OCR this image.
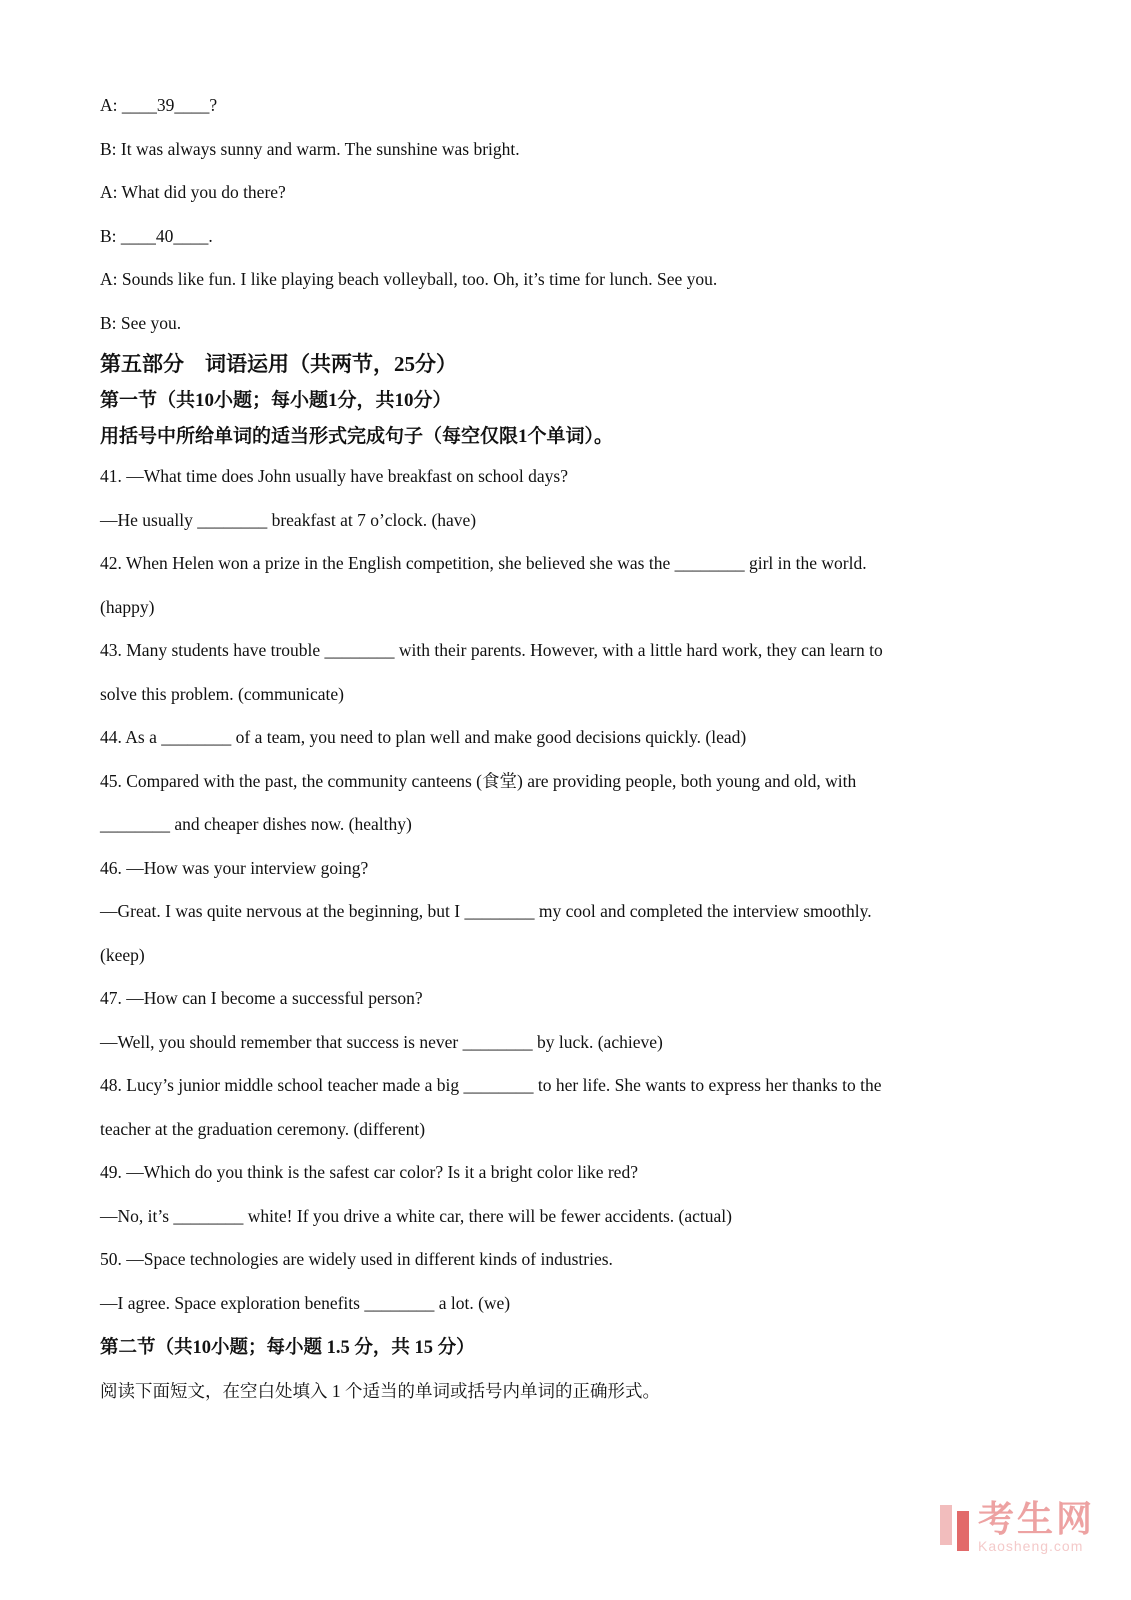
A: ____39____?
B: It was always sunny and warm. The sunshine was bright.
A: What did you do there?
B: ____40____.
A: Sounds like fun. I like playing beach volleyball, too. Oh, it’s time for lunch. See you.
B: See you.
第五部分　词语运用（共两节，25分）
第一节（共10小题；每小题1分，共10分）
用括号中所给单词的适当形式完成句子（每空仅限1个单词）。
41. —What time does John usually have breakfast on school days?
—He usually ________ breakfast at 7 o’clock. (have)
42. When Helen won a prize in the English competition, she believed she was the ________ girl in the world.
(happy)
43. Many students have trouble ________ with their parents. However, with a little hard work, they can learn to
solve this problem. (communicate)
44. As a ________ of a team, you need to plan well and make good decisions quickly. (lead)
45. Compared with the past, the community canteens (食堂) are providing people, both young and old, with
________ and cheaper dishes now. (healthy)
46. —How was your interview going?
—Great. I was quite nervous at the beginning, but I ________ my cool and completed the interview smoothly.
(keep)
47. —How can I become a successful person?
—Well, you should remember that success is never ________ by luck. (achieve)
48. Lucy’s junior middle school teacher made a big ________ to her life. She wants to express her thanks to the
teacher at the graduation ceremony. (different)
49. —Which do you think is the safest car color? Is it a bright color like red?
—No, it’s ________ white! If you drive a white car, there will be fewer accidents. (actual)
50. —Space technologies are widely used in different kinds of industries.
—I agree. Space exploration benefits ________ a lot. (we)
第二节（共10小题；每小题 1.5 分，共 15 分）
阅读下面短文，在空白处填入 1 个适当的单词或括号内单词的正确形式。
考生网
Kaosheng.com
